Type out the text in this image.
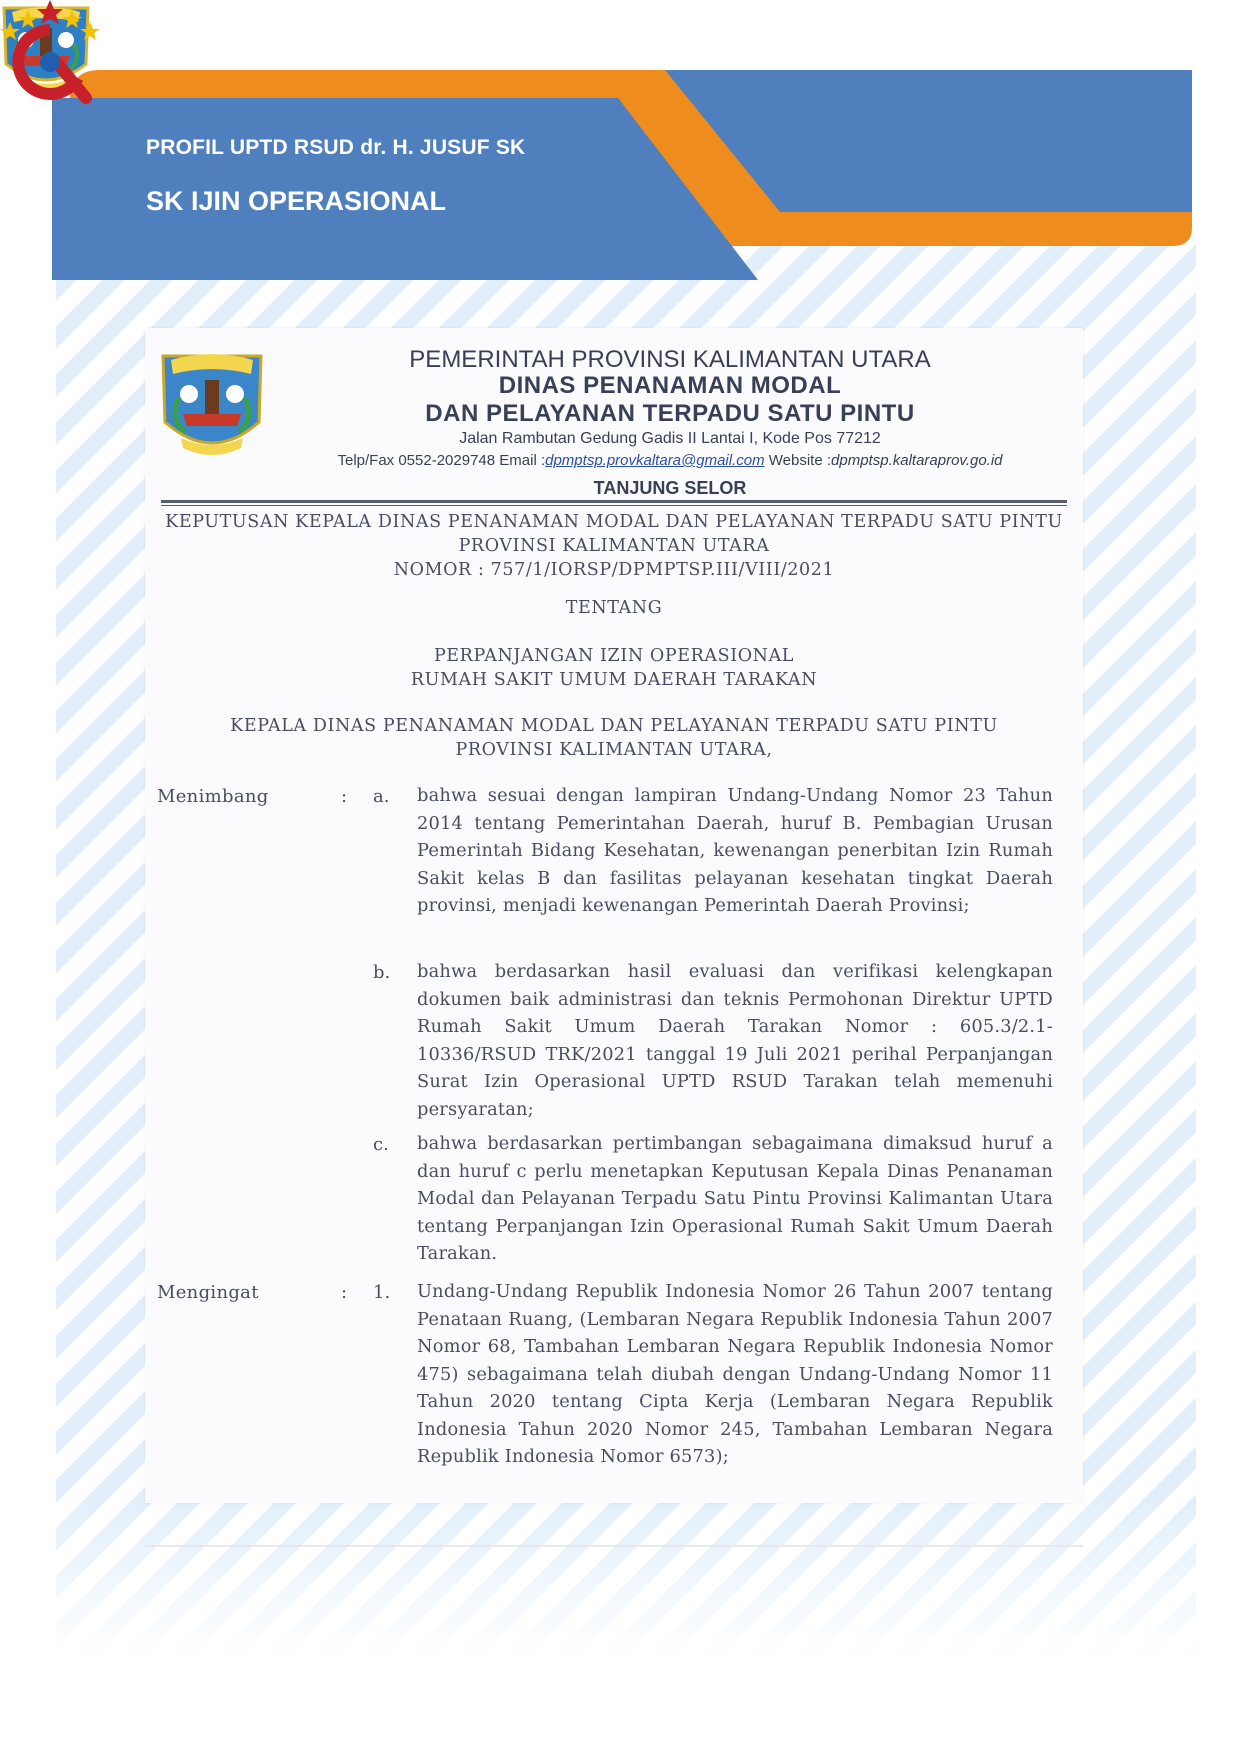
PROFIL UPTD RSUD dr. H. JUSUF SK
SK IJIN OPERASIONAL
PEMERINTAH PROVINSI KALIMANTAN UTARA
DINAS PENANAMAN MODAL
DAN PELAYANAN TERPADU SATU PINTU
Jalan Rambutan Gedung Gadis II Lantai I, Kode Pos 77212
Telp/Fax 0552-2029748 Email :dpmptsp.provkaltara@gmail.com Website :dpmptsp.kaltaraprov.go.id
TANJUNG SELOR
KEPUTUSAN KEPALA DINAS PENANAMAN MODAL DAN PELAYANAN TERPADU SATU PINTU
PROVINSI KALIMANTAN UTARA
NOMOR : 757/1/IORSP/DPMPTSP.III/VIII/2021
TENTANG
PERPANJANGAN IZIN OPERASIONAL
RUMAH SAKIT UMUM DAERAH TARAKAN
KEPALA DINAS PENANAMAN MODAL DAN PELAYANAN TERPADU SATU PINTU
PROVINSI KALIMANTAN UTARA,
Menimbang	: a. bahwa sesuai dengan lampiran Undang-Undang Nomor 23 Tahun 2014 tentang Pemerintahan Daerah, huruf B. Pembagian Urusan Pemerintah Bidang Kesehatan, kewenangan penerbitan Izin Rumah Sakit kelas B dan fasilitas pelayanan kesehatan tingkat Daerah provinsi, menjadi kewenangan Pemerintah Daerah Provinsi;
b. bahwa berdasarkan hasil evaluasi dan verifikasi kelengkapan dokumen baik administrasi dan teknis Permohonan Direktur UPTD Rumah Sakit Umum Daerah Tarakan Nomor : 605.3/2.1-10336/RSUD TRK/2021 tanggal 19 Juli 2021 perihal Perpanjangan Surat Izin Operasional UPTD RSUD Tarakan telah memenuhi persyaratan;
c. bahwa berdasarkan pertimbangan sebagaimana dimaksud huruf a dan huruf c perlu menetapkan Keputusan Kepala Dinas Penanaman Modal dan Pelayanan Terpadu Satu Pintu Provinsi Kalimantan Utara tentang Perpanjangan Izin Operasional Rumah Sakit Umum Daerah Tarakan.
Mengingat	: 1. Undang-Undang Republik Indonesia Nomor 26 Tahun 2007 tentang Penataan Ruang, (Lembaran Negara Republik Indonesia Tahun 2007 Nomor 68, Tambahan Lembaran Negara Republik Indonesia Nomor 475) sebagaimana telah diubah dengan Undang-Undang Nomor 11 Tahun 2020 tentang Cipta Kerja (Lembaran Negara Republik Indonesia Tahun 2020 Nomor 245, Tambahan Lembaran Negara Republik Indonesia Nomor 6573);
